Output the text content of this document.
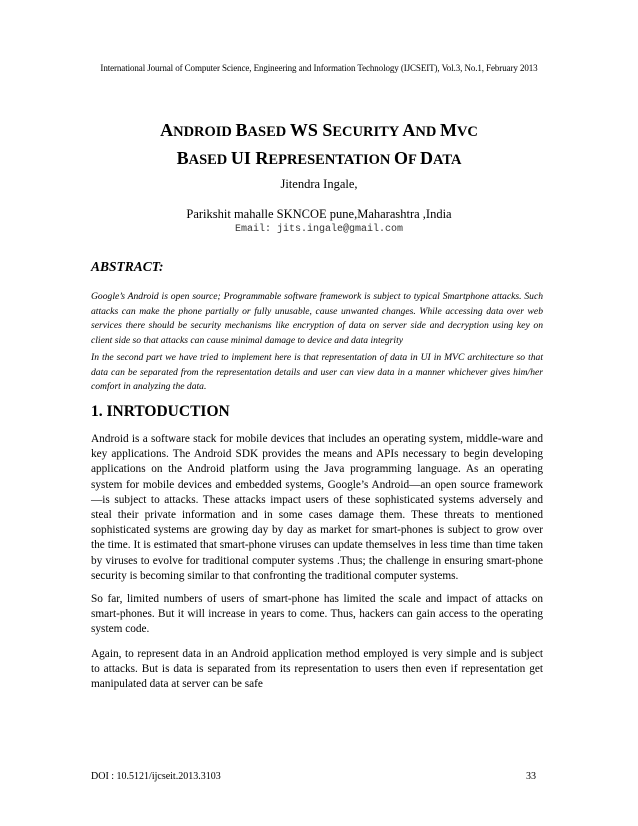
International Journal of Computer Science, Engineering and Information Technology (IJCSEIT), Vol.3, No.1, February 2013
ANDROID BASED WS SECURITY AND MVC
BASED UI REPRESENTATION OF DATA
Jitendra Ingale,
Parikshit mahalle SKNCOE pune,Maharashtra ,India
Email: jits.ingale@gmail.com
ABSTRACT:

Google’s Android is open source; Programmable software framework is subject to typical Smartphone attacks. Such attacks can make the phone partially or fully unusable, cause unwanted changes. While accessing data over web services there should be security mechanisms like encryption of data on server side and decryption using key on client side so that attacks can cause minimal damage to device and data integrity

In the second part we have tried to implement here is that representation of data in UI in MVC architecture so that data can be separated from the representation details and user can view data in a manner whichever gives him/her comfort in analyzing the data.

1. INRTODUCTION

Android is a software stack for mobile devices that includes an operating system, middle-ware and key applications. The Android SDK provides the means and APIs necessary to begin developing applications on the Android platform using the Java programming language. As an operating system for mobile devices and embedded systems, Google’s Android—an open source framework—is subject to attacks. These attacks impact users of these sophisticated systems adversely and steal their private information and in some cases damage them. These threats to mentioned sophisticated systems are growing day by day as market for smart-phones is subject to grow over the time. It is estimated that smart-phone viruses can update themselves in less time than time taken by viruses to evolve for traditional computer systems .Thus; the challenge in ensuring smart-phone security is becoming similar to that confronting the traditional computer systems.

So far, limited numbers of users of smart-phone has limited the scale and impact of attacks on smart-phones. But it will increase in years to come. Thus, hackers can gain access to the operating system code.

Again, to represent data in an Android application method employed is very simple and is subject to attacks. But is data is separated from its representation to users then even if representation get manipulated data at server can be safe

DOI : 10.5121/ijcseit.2013.3103	33
